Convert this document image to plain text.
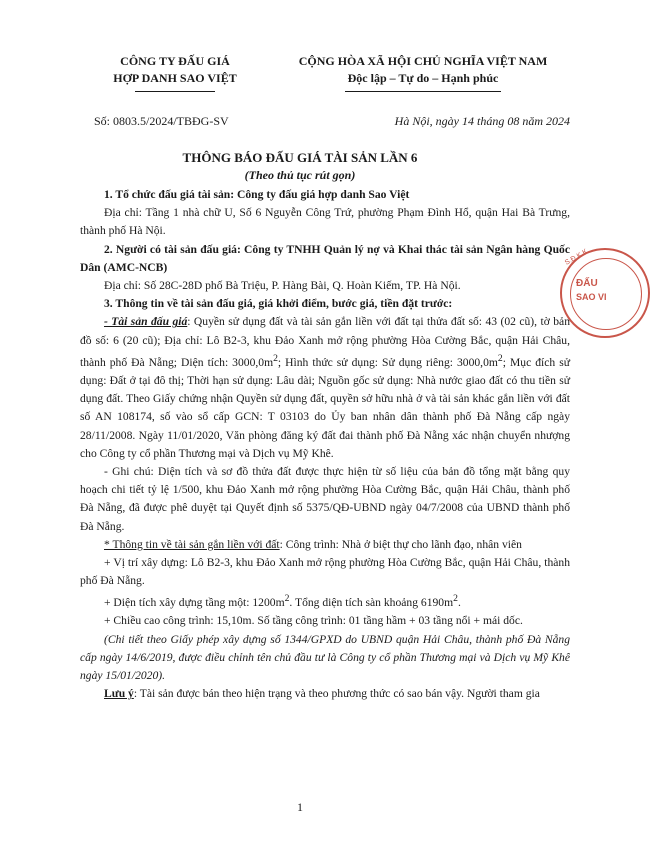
CÔNG TY ĐẤU GIÁ
HỢP DANH SAO VIỆT
CỘNG HÒA XÃ HỘI CHỦ NGHĨA VIỆT NAM
Độc lập – Tự do – Hạnh phúc
Số: 0803.5/2024/TBĐG-SV	Hà Nội, ngày 14 tháng 08 năm 2024
THÔNG BÁO ĐẤU GIÁ TÀI SẢN LẦN 6
(Theo thủ tục rút gọn)

1. Tổ chức đấu giá tài sản: Công ty đấu giá hợp danh Sao Việt

Địa chỉ: Tầng 1 nhà chữ U, Số 6 Nguyễn Công Trứ, phường Phạm Đình Hổ, quận Hai Bà Trưng, thành phố Hà Nội.

2. Người có tài sản đấu giá: Công ty TNHH Quản lý nợ và Khai thác tài sản Ngân hàng Quốc Dân (AMC-NCB)

Địa chỉ: Số 28C-28D phố Bà Triệu, P. Hàng Bài, Q. Hoàn Kiếm, TP. Hà Nội.

3. Thông tin về tài sản đấu giá, giá khởi điểm, bước giá, tiền đặt trước:

- Tài sản đấu giá: Quyền sử dụng đất và tài sản gắn liền với đất tại thửa đất số: 43 (02 cũ), tờ bản đồ số: 6 (20 cũ); Địa chỉ: Lô B2-3, khu Đảo Xanh mở rộng phường Hòa Cường Bắc, quận Hải Châu, thành phố Đà Nẵng; Diện tích: $3000,0m^2$; Hình thức sử dụng: Sử dụng riêng: $3000,0m^2$; Mục đích sử dụng: Đất ở tại đô thị; Thời hạn sử dụng: Lâu dài; Nguồn gốc sử dụng: Nhà nước giao đất có thu tiền sử dụng đất. Theo Giấy chứng nhận Quyền sử dụng đất, quyền sở hữu nhà ở và tài sản khác gắn liền với đất số AN 108174, số vào sổ cấp GCN: T 03103 do Ủy ban nhân dân thành phố Đà Nẵng cấp ngày 28/11/2008. Ngày 11/01/2020, Văn phòng đăng ký đất đai thành phố Đà Nẵng xác nhận chuyển nhượng cho Công ty cổ phần Thương mại và Dịch vụ Mỹ Khê.

- Ghi chú: Diện tích và sơ đồ thửa đất được thực hiện từ số liệu của bản đồ tổng mặt bằng quy hoạch chi tiết tỷ lệ 1/500, khu Đảo Xanh mở rộng phường Hòa Cường Bắc, quận Hải Châu, thành phố Đà Nẵng, đã được phê duyệt tại Quyết định số 5375/QĐ-UBND ngày 04/7/2008 của UBND thành phố Đà Nẵng.

* Thông tin về tài sản gắn liền với đất: Công trình: Nhà ở biệt thự cho lãnh đạo, nhân viên

+ Vị trí xây dựng: Lô B2-3, khu Đảo Xanh mở rộng phường Hòa Cường Bắc, quận Hải Châu, thành phố Đà Nẵng.

+ Diện tích xây dựng tầng một: $1200m^2$. Tổng diện tích sàn khoảng $6190m^2$.

+ Chiều cao công trình: 15,10m. Số tầng công trình: 01 tầng hầm + 03 tầng nổi + mái dốc.

(Chi tiết theo Giấy phép xây dựng số 1344/GPXD do UBND quận Hải Châu, thành phố Đà Nẵng cấp ngày 14/6/2019, được điều chỉnh tên chủ đầu tư là Công ty cổ phần Thương mại và Dịch vụ Mỹ Khê ngày 15/01/2020).

Lưu ý: Tài sản được bán theo hiện trạng và theo phương thức có sao bán vậy. Người tham gia

1
S.Đ.K.K
ĐẤU
SAO VI
